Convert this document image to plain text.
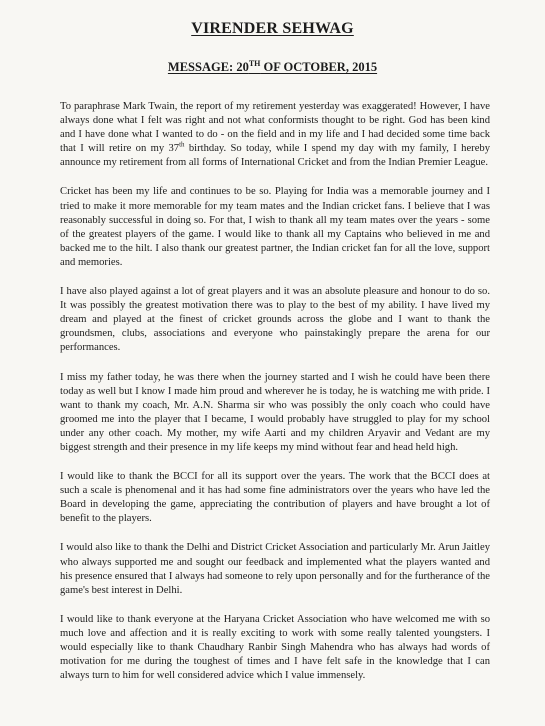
VIRENDER SEHWAG
MESSAGE: 20TH OF OCTOBER, 2015

To paraphrase Mark Twain, the report of my retirement yesterday was exaggerated! However, I have always done what I felt was right and not what conformists thought to be right. God has been kind and I have done what I wanted to do - on the field and in my life and I had decided some time back that I will retire on my 37th birthday. So today, while I spend my day with my family, I hereby announce my retirement from all forms of International Cricket and from the Indian Premier League.

Cricket has been my life and continues to be so. Playing for India was a memorable journey and I tried to make it more memorable for my team mates and the Indian cricket fans. I believe that I was reasonably successful in doing so. For that, I wish to thank all my team mates over the years - some of the greatest players of the game. I would like to thank all my Captains who believed in me and backed me to the hilt. I also thank our greatest partner, the Indian cricket fan for all the love, support and memories.

I have also played against a lot of great players and it was an absolute pleasure and honour to do so. It was possibly the greatest motivation there was to play to the best of my ability. I have lived my dream and played at the finest of cricket grounds across the globe and I want to thank the groundsmen, clubs, associations and everyone who painstakingly prepare the arena for our performances.

I miss my father today, he was there when the journey started and I wish he could have been there today as well but I know I made him proud and wherever he is today, he is watching me with pride. I want to thank my coach, Mr. A.N. Sharma sir who was possibly the only coach who could have groomed me into the player that I became, I would probably have struggled to play for my school under any other coach. My mother, my wife Aarti and my children Aryavir and Vedant are my biggest strength and their presence in my life keeps my mind without fear and head held high.

I would like to thank the BCCI for all its support over the years. The work that the BCCI does at such a scale is phenomenal and it has had some fine administrators over the years who have led the Board in developing the game, appreciating the contribution of players and have brought a lot of benefit to the players.

I would also like to thank the Delhi and District Cricket Association and particularly Mr. Arun Jaitley who always supported me and sought our feedback and implemented what the players wanted and his presence ensured that I always had someone to rely upon personally and for the furtherance of the game's best interest in Delhi.

I would like to thank everyone at the Haryana Cricket Association who have welcomed me with so much love and affection and it is really exciting to work with some really talented youngsters. I would especially like to thank Chaudhary Ranbir Singh Mahendra who has always had words of motivation for me during the toughest of times and I have felt safe in the knowledge that I can always turn to him for well considered advice which I value immensely.
